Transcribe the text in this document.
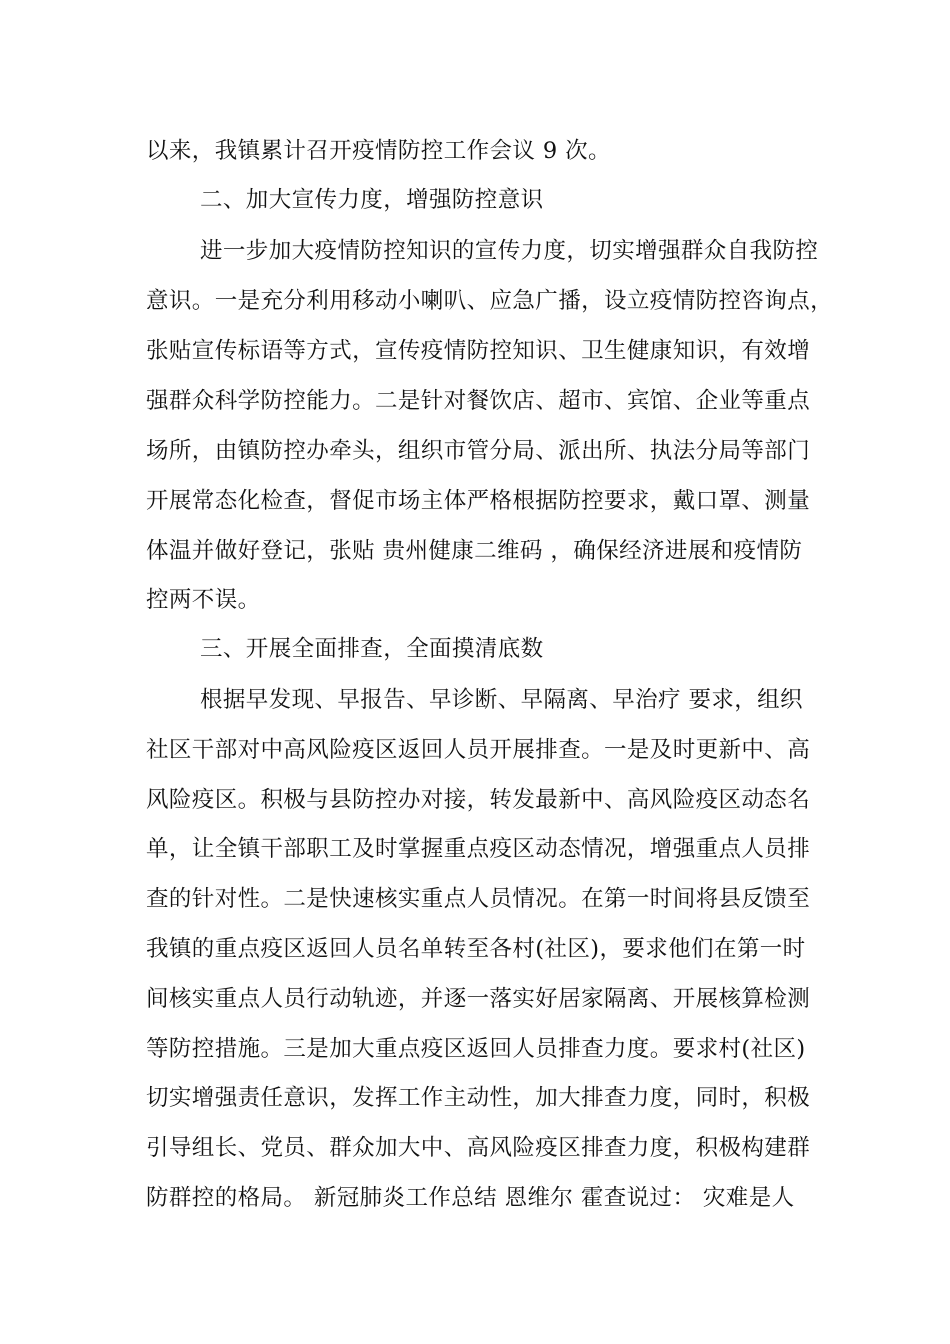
以来，我镇累计召开疫情防控工作会议 9 次。
二、加大宣传力度，增强防控意识
进一步加大疫情防控知识的宣传力度，切实增强群众自我防控
意识。一是充分利用移动小喇叭、应急广播，设立疫情防控咨询点，
张贴宣传标语等方式，宣传疫情防控知识、卫生健康知识，有效增
强群众科学防控能力。二是针对餐饮店、超市、宾馆、企业等重点
场所，由镇防控办牵头，组织市管分局、派出所、执法分局等部门
开展常态化检查，督促市场主体严格根据防控要求，戴口罩、测量
体温并做好登记，张贴 贵州健康二维码 ，确保经济进展和疫情防
控两不误。
三、开展全面排查，全面摸清底数
根据早发现、早报告、早诊断、早隔离、早治疗 要求，组织
社区干部对中高风险疫区返回人员开展排查。一是及时更新中、高
风险疫区。积极与县防控办对接，转发最新中、高风险疫区动态名
单，让全镇干部职工及时掌握重点疫区动态情况，增强重点人员排
查的针对性。二是快速核实重点人员情况。在第一时间将县反馈至
我镇的重点疫区返回人员名单转至各村(社区)，要求他们在第一时
间核实重点人员行动轨迹，并逐一落实好居家隔离、开展核算检测
等防控措施。三是加大重点疫区返回人员排查力度。要求村(社区)
切实增强责任意识，发挥工作主动性，加大排查力度，同时，积极
引导组长、党员、群众加大中、高风险疫区排查力度，积极构建群
防群控的格局。 新冠肺炎工作总结 恩维尔 霍查说过： 灾难是人
